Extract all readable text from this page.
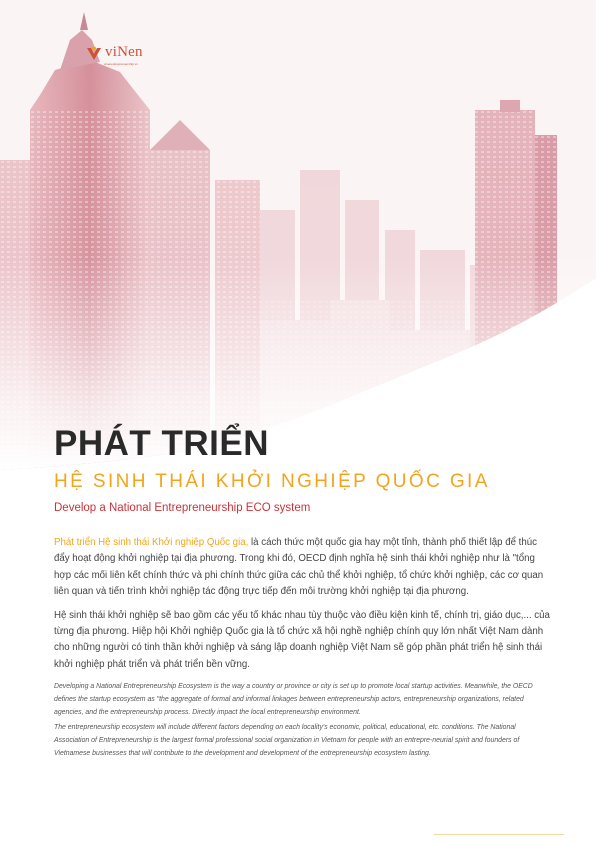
viNen
vinenentreprenuership.vn
PHÁT TRIỂN
HỆ SINH THÁI KHỞI NGHIỆP QUỐC GIA
Develop a National Entrepreneurship ECO system

Phát triển Hệ sinh thái Khởi nghiệp Quốc gia, là cách thức một quốc gia hay một tỉnh, thành phố thiết lập để thúc đẩy hoạt động khởi nghiệp tại địa phương. Trong khi đó, OECD định nghĩa hệ sinh thái khởi nghiệp như là "tổng hợp các mối liên kết chính thức và phi chính thức giữa các chủ thể khởi nghiệp, tổ chức khởi nghiệp, các cơ quan liên quan và tiến trình khởi nghiệp tác động trực tiếp đến môi trường khởi nghiệp tại địa phương.

Hệ sinh thái khởi nghiệp sẽ bao gồm các yếu tố khác nhau tùy thuộc vào điều kiện kinh tế, chính trị, giáo dục,... của từng địa phương. Hiệp hội Khởi nghiệp Quốc gia là tổ chức xã hội nghề nghiệp chính quy lớn nhất Việt Nam dành cho những người có tinh thần khởi nghiệp và sáng lập doanh nghiệp Việt Nam sẽ góp phần phát triển hệ sinh thái khởi nghiệp phát triển và phát triển bền vững.

Developing a National Entrepreneurship Ecosystem is the way a country or province or city is set up to promote local startup activities. Meanwhile, the OECD defines the startup ecosystem as "the aggregate of formal and informal linkages between entrepreneurship actors, entrepreneurship organizations, related agencies, and the entrepreneurship process. Directly impact the local entrepreneurship environment.

The entrepreneurship ecosystem will include different factors depending on each locality's economic, political, educational, etc. conditions. The National Association of Entrepreneurship is the largest formal professional social organization in Vietnam for people with an entrepre-neurial spirit and founders of Vietnamese businesses that will contribute to the development and development of the entrepreneurship ecosystem lasting.
